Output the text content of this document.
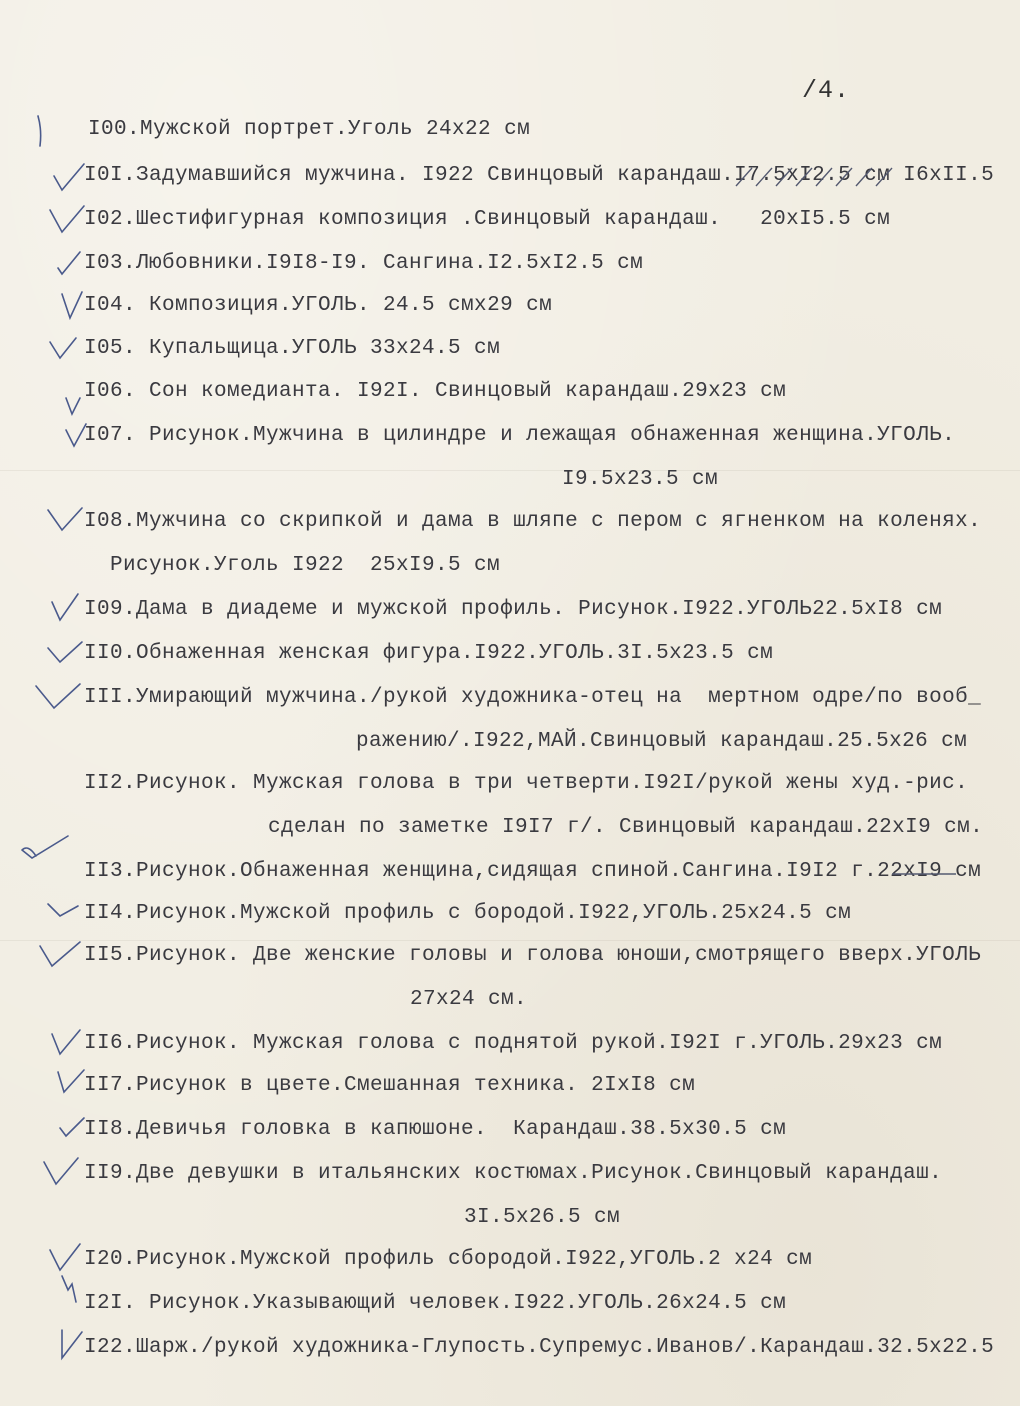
/4.
I00.Мужской портрет.Уголь 24х22 см
I0I.Задумавшийся мужчина. I922 Свинцовый карандаш.I7.5хI2.5 см I6хII.5
I02.Шестифигурная композиция .Свинцовый карандаш.   20хI5.5 см
I03.Любовники.I9I8-I9. Сангина.I2.5хI2.5 см
I04. Композиция.УГОЛЬ. 24.5 смх29 см
I05. Купальщица.УГОЛЬ 33х24.5 см
I06. Сон комедианта. I92I. Свинцовый карандаш.29х23 см
I07. Рисунок.Мужчина в цилиндре и лежащая обнаженная женщина.УГОЛЬ.
I9.5х23.5 см
I08.Мужчина со скрипкой и дама в шляпе с пером с ягненком на коленях.
Рисунок.Уголь I922  25хI9.5 см
I09.Дама в диадеме и мужской профиль. Рисунок.I922.УГОЛЬ22.5хI8 см
II0.Обнаженная женская фигура.I922.УГОЛЬ.3I.5х23.5 см
III.Умирающий мужчина./рукой художника-отец на  мертном одре/по вооб_
ражению/.I922,МАЙ.Свинцовый карандаш.25.5х26 см
II2.Рисунок. Мужская голова в три четверти.I92I/рукой жены худ.-рис.
сделан по заметке I9I7 г/. Свинцовый карандаш.22хI9 см.
II3.Рисунок.Обнаженная женщина,сидящая спиной.Сангина.I9I2 г.22хI9 см
II4.Рисунок.Мужской профиль с бородой.I922,УГОЛЬ.25х24.5 см
II5.Рисунок. Две женские головы и голова юноши,смотрящего вверх.УГОЛЬ
27х24 см.
II6.Рисунок. Мужская голова с поднятой рукой.I92I г.УГОЛЬ.29х23 см
II7.Рисунок в цвете.Смешанная техника. 2IхI8 см
II8.Девичья головка в капюшоне.  Карандаш.38.5х30.5 см
II9.Две девушки в итальянских костюмах.Рисунок.Свинцовый карандаш.
3I.5х26.5 см
I20.Рисунок.Мужской профиль сбородой.I922,УГОЛЬ.2 х24 см
I2I. Рисунок.Указывающий человек.I922.УГОЛЬ.26х24.5 см
I22.Шарж./рукой художника-Глупость.Супремус.Иванов/.Карандаш.32.5х22.5
